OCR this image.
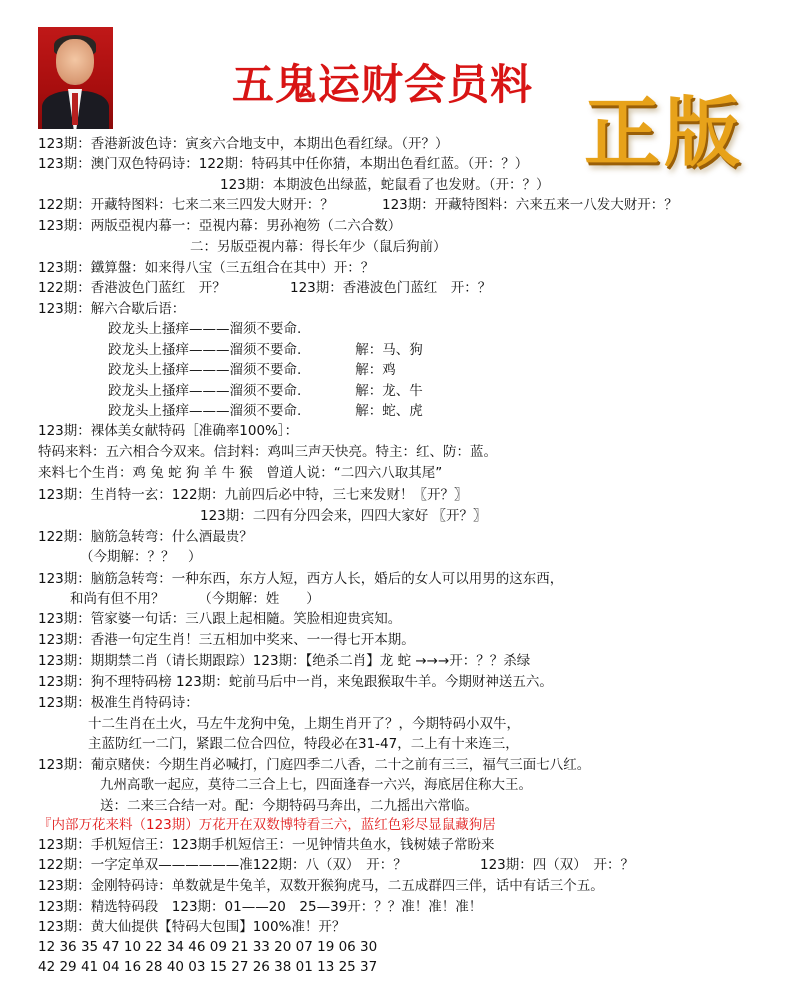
五鬼运财会员料
正版
123期：香港新波色诗：寅亥六合地支中，本期出色看红绿。（开？）
123期：澳门双色特码诗：122期：特码其中任你猜，本期出色看红蓝。（开：？）
123期：本期波色出绿蓝，蛇鼠看了也发财。（开：？）
122期：开藏特图料：七来二来三四发大财开：？	123期：开藏特图料：六来五来一八发大财开：？
123期：两版亞視内幕一：亞視内幕：男孙袍笏（二六合数）
二：另版亞視内幕：得长年少（鼠后狗前）
123期：鐵算盤：如来得八宝（三五组合在其中）开：？
122期：香港波色门蓝红　开？	123期：香港波色门蓝红　开：？
123期：解六合歇后语：
跤龙头上搔痒———溜须不要命.
跤龙头上搔痒———溜须不要命.　　　　解：马、狗
跤龙头上搔痒———溜须不要命.　　　　解：鸡
跤龙头上搔痒———溜须不要命.　　　　解：龙、牛
跤龙头上搔痒———溜须不要命.　　　　解：蛇、虎
123期：裸体美女献特码［准确率100%］：
特码来料：五六相合今双来。信封料：鸡叫三声天快亮。特主：红、防：蓝。
来料七个生肖：鸡 兔 蛇 狗 羊 牛 猴　曾道人说：“二四六八取其尾”
123期：生肖特一玄：122期：九前四后必中特，三七来发财！〖开？〗
123期：二四有分四会来，四四大家好 〖开？〗
122期：脑筋急转弯：什么酒最贵？
（今期解：？？　）
123期：脑筋急转弯：一种东西，东方人短，西方人长，婚后的女人可以用男的这东西，
和尚有但不用？　　　（今期解：姓　　）
123期：管家婆一句话：三八跟上起相隨。笑脸相迎贵宾知。
123期：香港一句定生肖！三五相加中奖来、一一得七开本期。
123期：期期禁二肖（请长期跟踪）123期：【绝杀二肖】龙 蛇 →→→开：？？杀绿
123期：狗不理特码榜 123期：蛇前马后中一肖，来兔跟猴取牛羊。今期财神送五六。
123期：极准生肖特码诗：
十二生肖在土火，马左牛龙狗中兔，上期生肖开了？，今期特码小双牛，
主蓝防红一二门，紧跟二位合四位，特段必在31-47，二上有十来连三，
123期：葡京赌侠：今期生肖必喊打，门庭四季二八香，二十之前有三三，福气三面七八红。
九州高歌一起应，莫待二三合上七，四面逢春一六兴，海底居住称大王。
送：二来三合结一对。配：今期特码马奔出，二九摇出六常临。
『内部万花来料（123期）万花开在双数博特看三六，蓝红色彩尽显鼠藏狗居
123期：手机短信王：123期手机短信王：一见钟情共鱼水，钱树婊子常盼来
122期：一字定单双——————准122期：八（双）　开：？	123期：四（双）　开：？
123期：金刚特码诗：单数就是牛兔羊，双数开猴狗虎马，二五成群四三伴，话中有话三个五。
123期：精选特码段　123期：01——20　25—39开：？？准！准！准！
123期：黄大仙提供【特码大包围】100%准！开？
12 36 35 47 10 22 34 46 09 21 33 20 07 19 06 30
42 29 41 04 16 28 40 03 15 27 26 38 01 13 25 37
